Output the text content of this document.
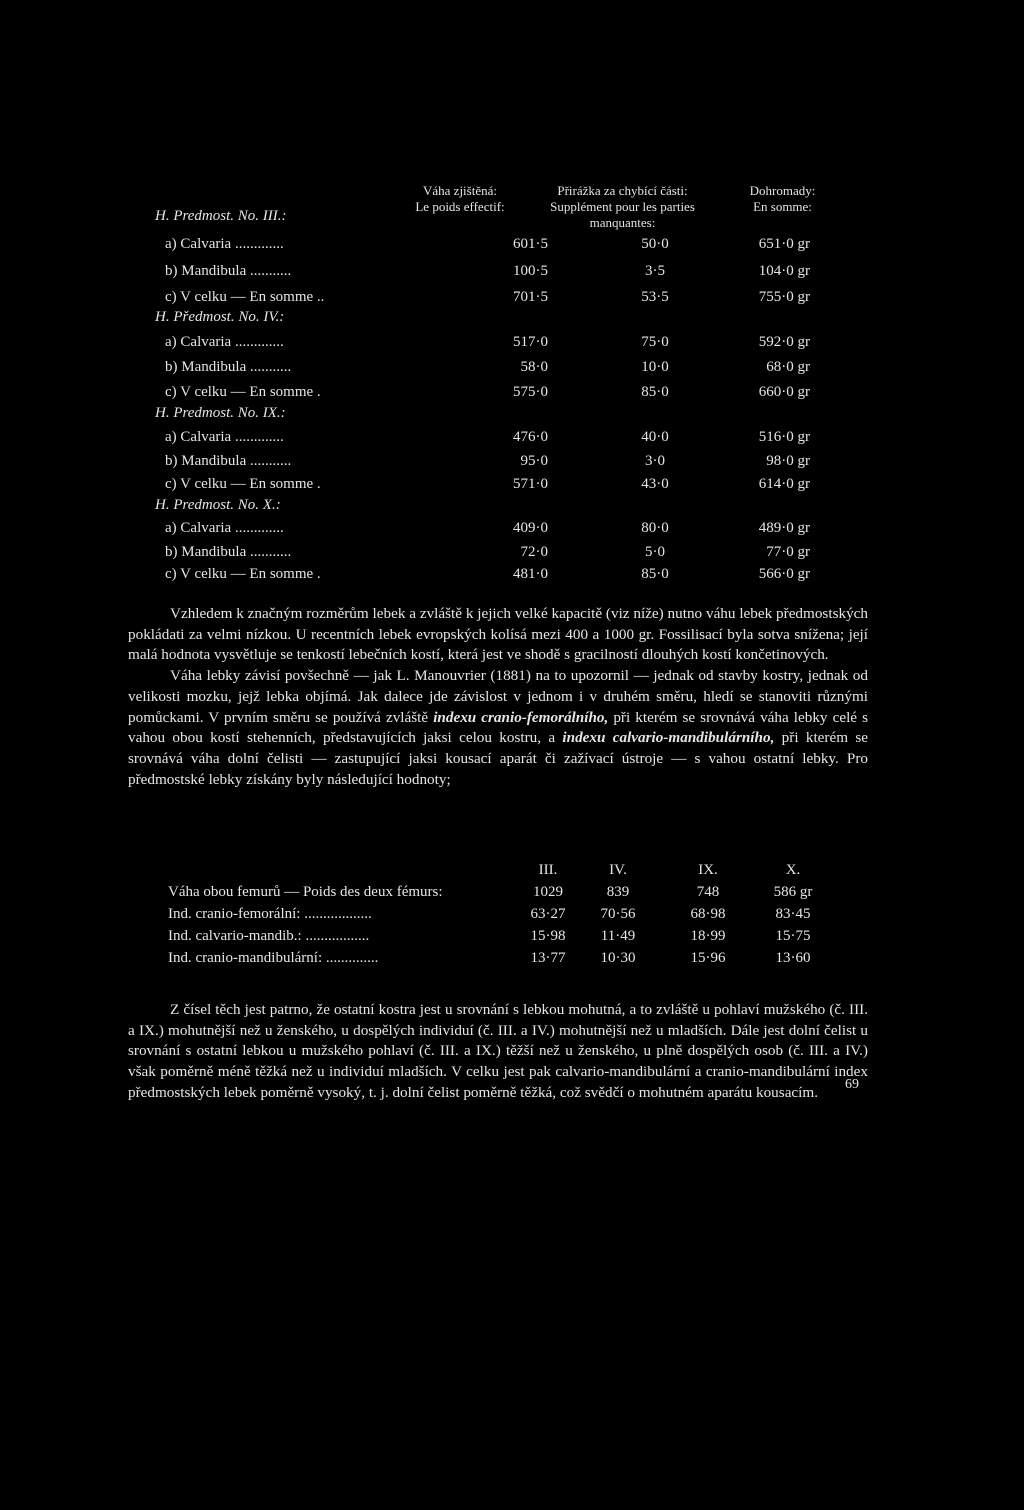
Váha zjištěná:
Le poids effectif:
Přirážka za chybící části:
Supplément pour les parties
manquantes:
Dohromady:
En somme:
H. Predmost. No. III.:
a) Calvaria .............	601·5	50·0	651·0 gr
b) Mandibula ...........	100·5	3·5	104·0 gr
c) V celku — En somme ..	701·5	53·5	755·0 gr
H. Předmost. No. IV.:
a) Calvaria .............	517·0	75·0	592·0 gr
b) Mandibula ...........	58·0	10·0	68·0 gr
c) V celku — En somme .	575·0	85·0	660·0 gr
H. Predmost. No. IX.:
a) Calvaria .............	476·0	40·0	516·0 gr
b) Mandibula ...........	95·0	3·0	98·0 gr
c) V celku — En somme .	571·0	43·0	614·0 gr
H. Predmost. No. X.:
a) Calvaria .............	409·0	80·0	489·0 gr
b) Mandibula ...........	72·0	5·0	77·0 gr
c) V celku — En somme .	481·0	85·0	566·0 gr

Vzhledem k značným rozměrům lebek a zvláště k jejich velké kapacitě (viz níže) nutno váhu lebek předmostských pokládati za velmi nízkou. U recentních lebek evropských kolísá mezi 400 a 1000 gr. Fossilisací byla sotva snížena; její malá hodnota vysvětluje se tenkostí lebečních kostí, která jest ve shodě s gracilností dlouhých kostí končetinových.

Váha lebky závisí povšechně — jak L. Manouvrier (1881) na to upozornil — jednak od stavby kostry, jednak od velikosti mozku, jejž lebka objímá. Jak dalece jde závislost v jednom i v druhém směru, hledí se stanoviti různými pomůckami. V prvním směru se používá zvláště indexu cranio-femorálního, při kterém se srovnává váha lebky celé s vahou obou kostí stehenních, představujících jaksi celou kostru, a indexu calvario-mandibulárního, při kterém se srovnává váha dolní čelisti — zastupující jaksi kousací aparát či zažívací ústroje — s vahou ostatní lebky. Pro předmostské lebky získány byly následující hodnoty;

III.	IV.	IX.	X.
Váha obou femurů — Poids des deux fémurs:	1029	839	748	586 gr
Ind. cranio-femorální: ..................	63·27	70·56	68·98	83·45
Ind. calvario-mandib.: .................	15·98	11·49	18·99	15·75
Ind. cranio-mandibulární: ..............	13·77	10·30	15·96	13·60

Z čísel těch jest patrno, že ostatní kostra jest u srovnání s lebkou mohutná, a to zvláště u pohlaví mužského (č. III. a IX.) mohutnější než u ženského, u dospělých individuí (č. III. a IV.) mohutnější než u mladších. Dále jest dolní čelist u srovnání s ostatní lebkou u mužského pohlaví (č. III. a IX.) těžší než u ženského, u plně dospělých osob (č. III. a IV.) však poměrně méně těžká než u individuí mladších. V celku jest pak calvario-mandibulární a cranio-mandibulární index předmostských lebek poměrně vysoký, t. j. dolní čelist poměrně těžká, což svědčí o mohutném aparátu kousacím.	69
